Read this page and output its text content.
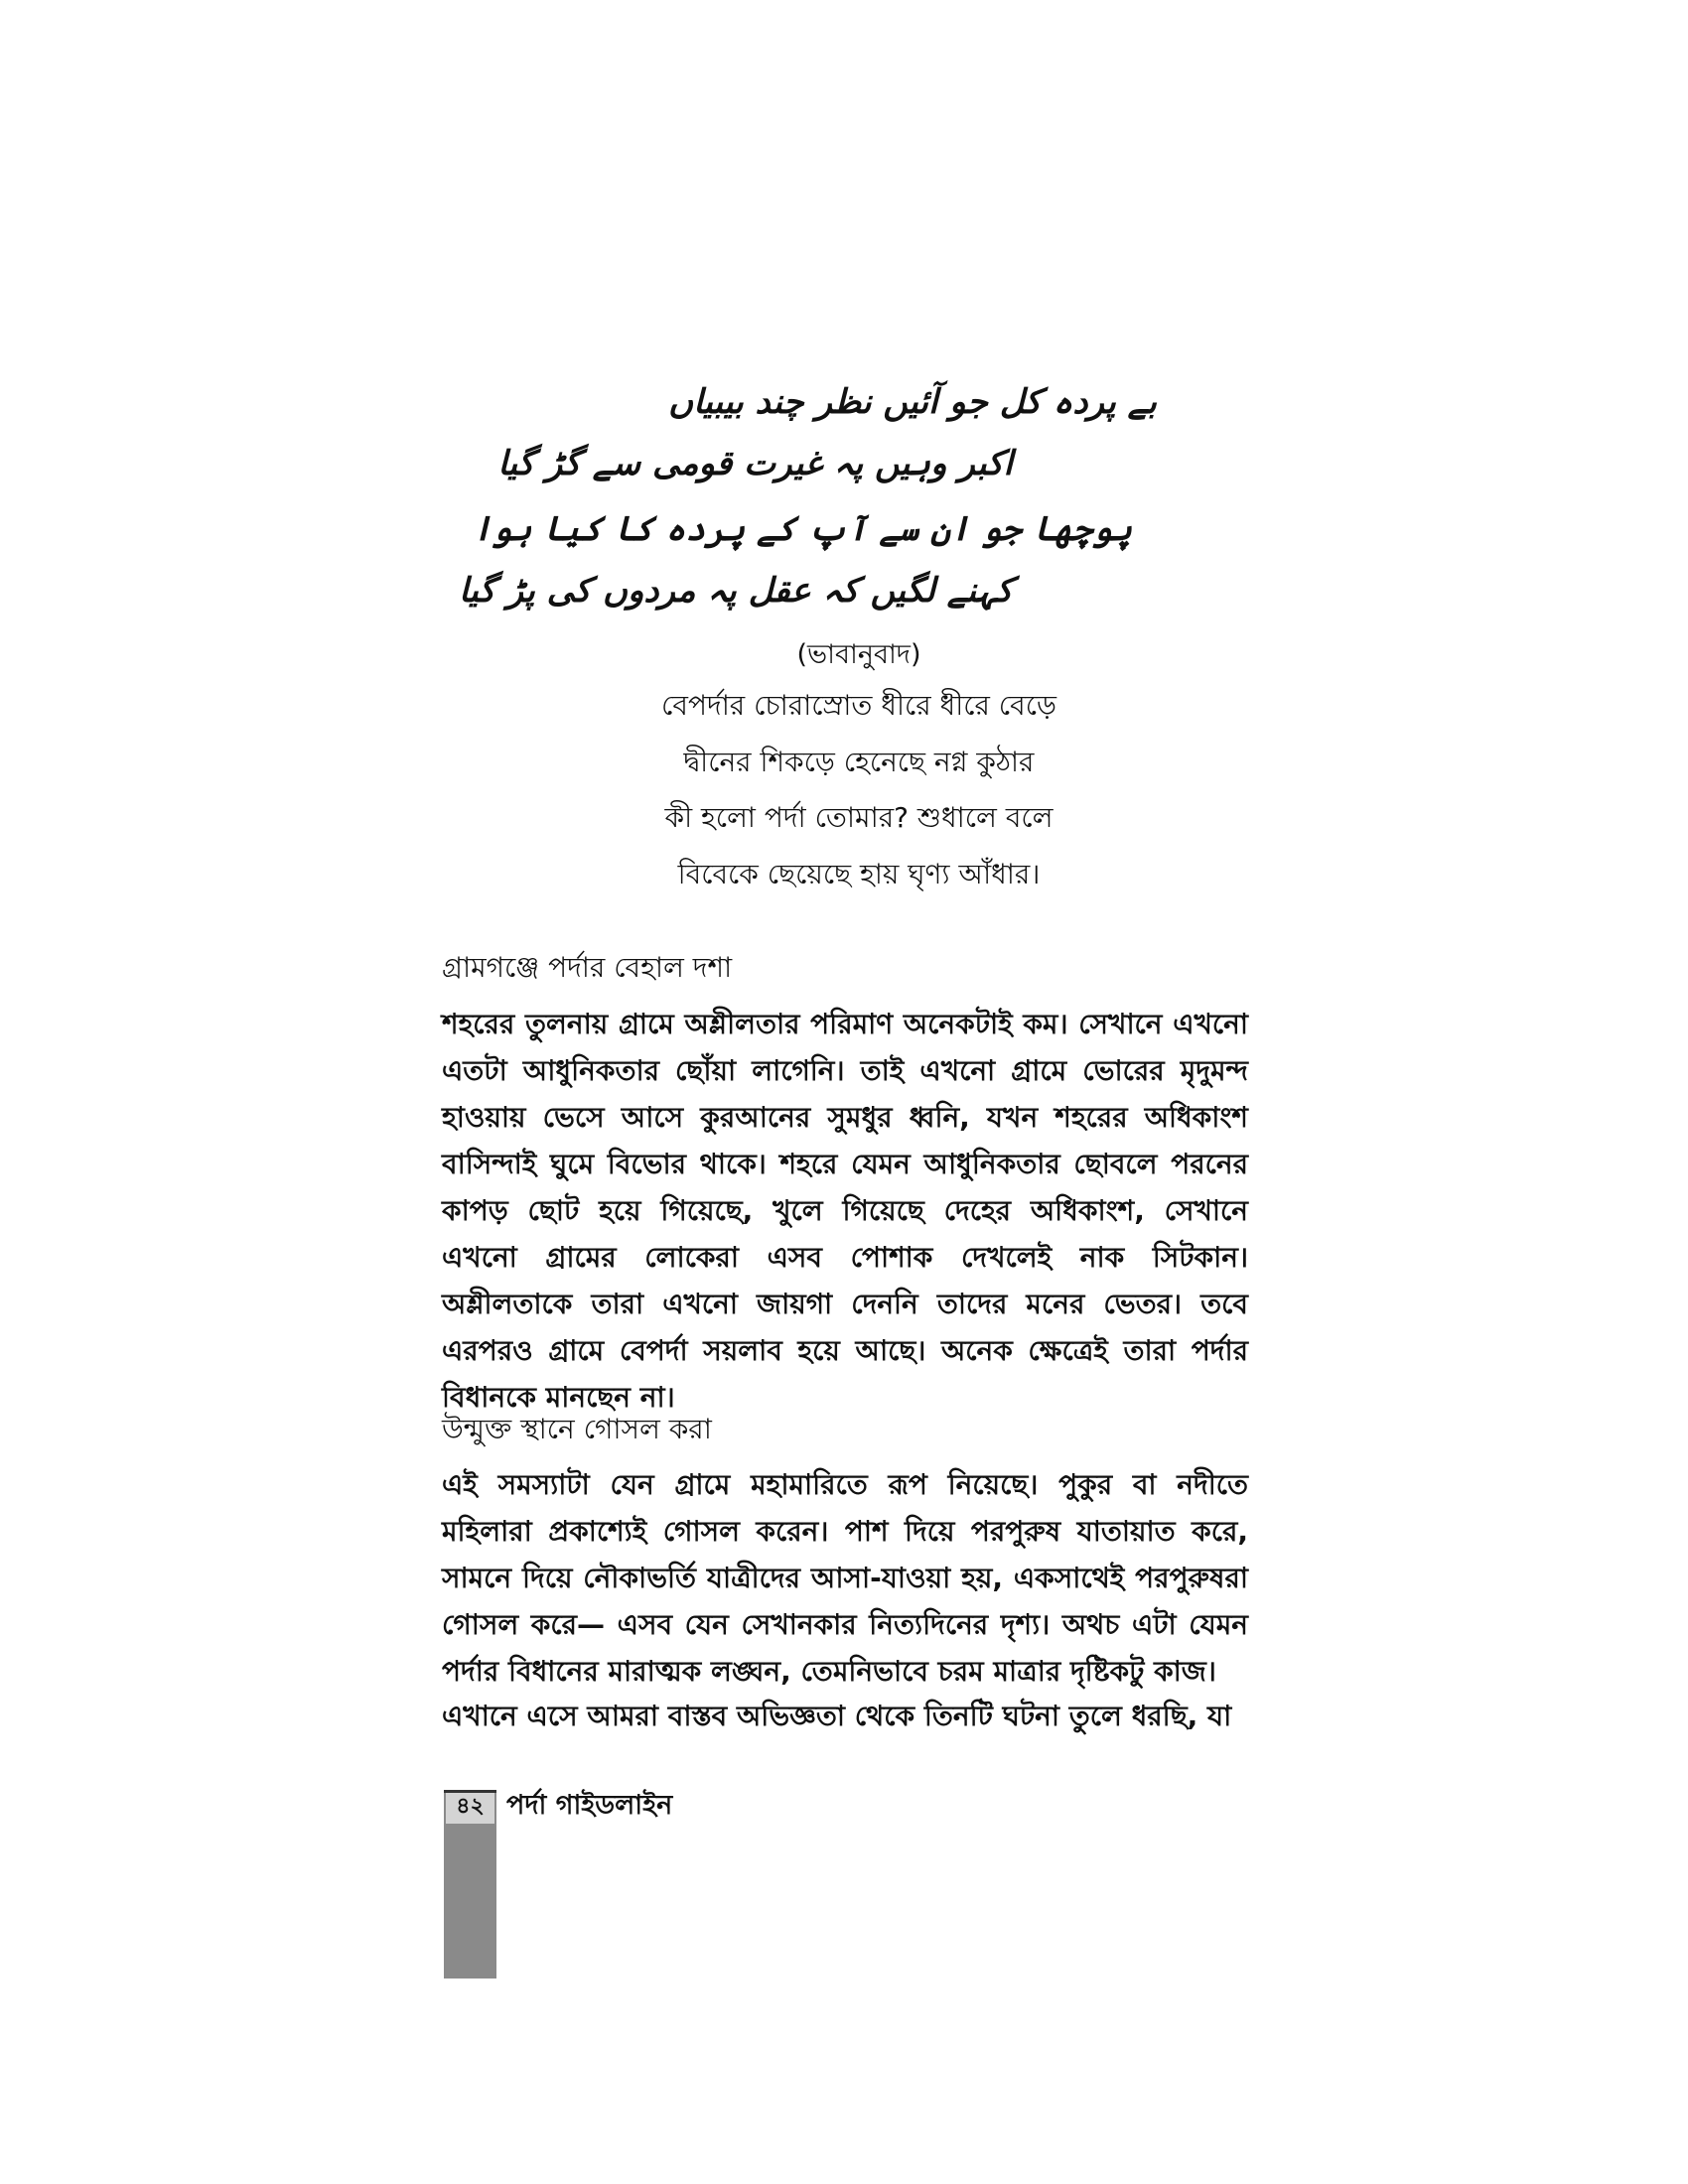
بے پردہ کل جو آئیں نظر چند بیبیاں
اکبر وہیں پہ غیرت قومی سے گڑ گیا
پوچھا جو ان سے آپ کے پردہ کا کیا ہوا
کہنے لگیں کہ عقل پہ مردوں کی پڑ گیا
(ভাবানুবাদ)
বেপর্দার চোরাস্রোত ধীরে ধীরে বেড়ে
দ্বীনের শিকড়ে হেনেছে নগ্ন কুঠার
কী হলো পর্দা তোমার? শুধালে বলে
বিবেকে ছেয়েছে হায় ঘৃণ্য আঁধার।
গ্রামগঞ্জে পর্দার বেহাল দশা

শহরের তুলনায় গ্রামে অশ্লীলতার পরিমাণ অনেকটাই কম। সেখানে এখনো এতটা আধুনিকতার ছোঁয়া লাগেনি। তাই এখনো গ্রামে ভোরের মৃদুমন্দ হাওয়ায় ভেসে আসে কুরআনের সুমধুর ধ্বনি, যখন শহরের অধিকাংশ বাসিন্দাই ঘুমে বিভোর থাকে। শহরে যেমন আধুনিকতার ছোবলে পরনের কাপড় ছোট হয়ে গিয়েছে, খুলে গিয়েছে দেহের অধিকাংশ, সেখানে এখনো গ্রামের লোকেরা এসব পোশাক দেখলেই নাক সিটকান। অশ্লীলতাকে তারা এখনো জায়গা দেননি তাদের মনের ভেতর। তবে এরপরও গ্রামে বেপর্দা সয়লাব হয়ে আছে। অনেক ক্ষেত্রেই তারা পর্দার বিধানকে মানছেন না।

উন্মুক্ত স্থানে গোসল করা

এই সমস্যাটা যেন গ্রামে মহামারিতে রূপ নিয়েছে। পুকুর বা নদীতে মহিলারা প্রকাশ্যেই গোসল করেন। পাশ দিয়ে পরপুরুষ যাতায়াত করে, সামনে দিয়ে নৌকাভর্তি যাত্রীদের আসা-যাওয়া হয়, একসাথেই পরপুরুষরা গোসল করে— এসব যেন সেখানকার নিত্যদিনের দৃশ্য। অথচ এটা যেমন পর্দার বিধানের মারাত্মক লঙ্ঘন, তেমনিভাবে চরম মাত্রার দৃষ্টিকটু কাজ।

এখানে এসে আমরা বাস্তব অভিজ্ঞতা থেকে তিনটি ঘটনা তুলে ধরছি, যা

৪২ পর্দা গাইডলাইন
